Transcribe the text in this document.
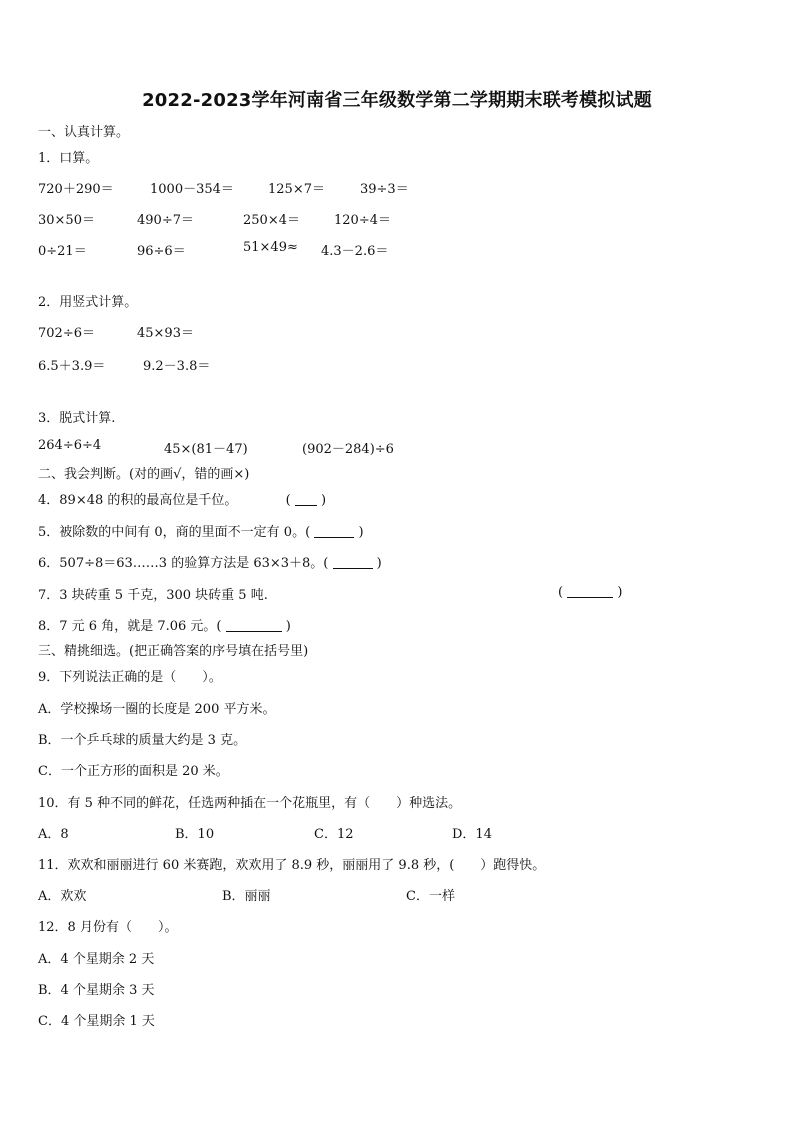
2022-2023学年河南省三年级数学第二学期期末联考模拟试题
一、认真计算。
1．口算。
720＋290＝	1000－354＝	125×7＝	39÷3＝
30×50＝	490÷7＝	250×4＝	120÷4＝
0÷21＝	96÷6＝	51×49≈ 4.3－2.6＝
2．用竖式计算。
702÷6＝	45×93＝
6.5＋3.9＝	9.2－3.8＝
3．脱式计算.
264÷6÷4	45×(81－47)	(902－284)÷6
二、我会判断。(对的画√，错的画×)
4．89×48 的积的最高位是千位。	( )
5．被除数的中间有 0，商的里面不一定有 0。(	)
6．507÷8＝63……3 的验算方法是 63×3＋8。(	)
7．3 块砖重 5 千克，300 块砖重 5 吨.	(	)
8．7 元 6 角，就是 7.06 元。(	)
三、精挑细选。(把正确答案的序号填在括号里)
9．下列说法正确的是（　　）。
A．学校操场一圈的长度是 200 平方米。
B．一个乒乓球的质量大约是 3 克。
C．一个正方形的面积是 20 米。
10．有 5 种不同的鲜花，任选两种插在一个花瓶里，有（　　）种选法。
A．8	B．10	C．12	D．14
11．欢欢和丽丽进行 60 米赛跑，欢欢用了 8.9 秒，丽丽用了 9.8 秒，(　　）跑得快。
A．欢欢	B．丽丽	C．一样
12．8 月份有（　　）。
A．4 个星期余 2 天
B．4 个星期余 3 天
C．4 个星期余 1 天
